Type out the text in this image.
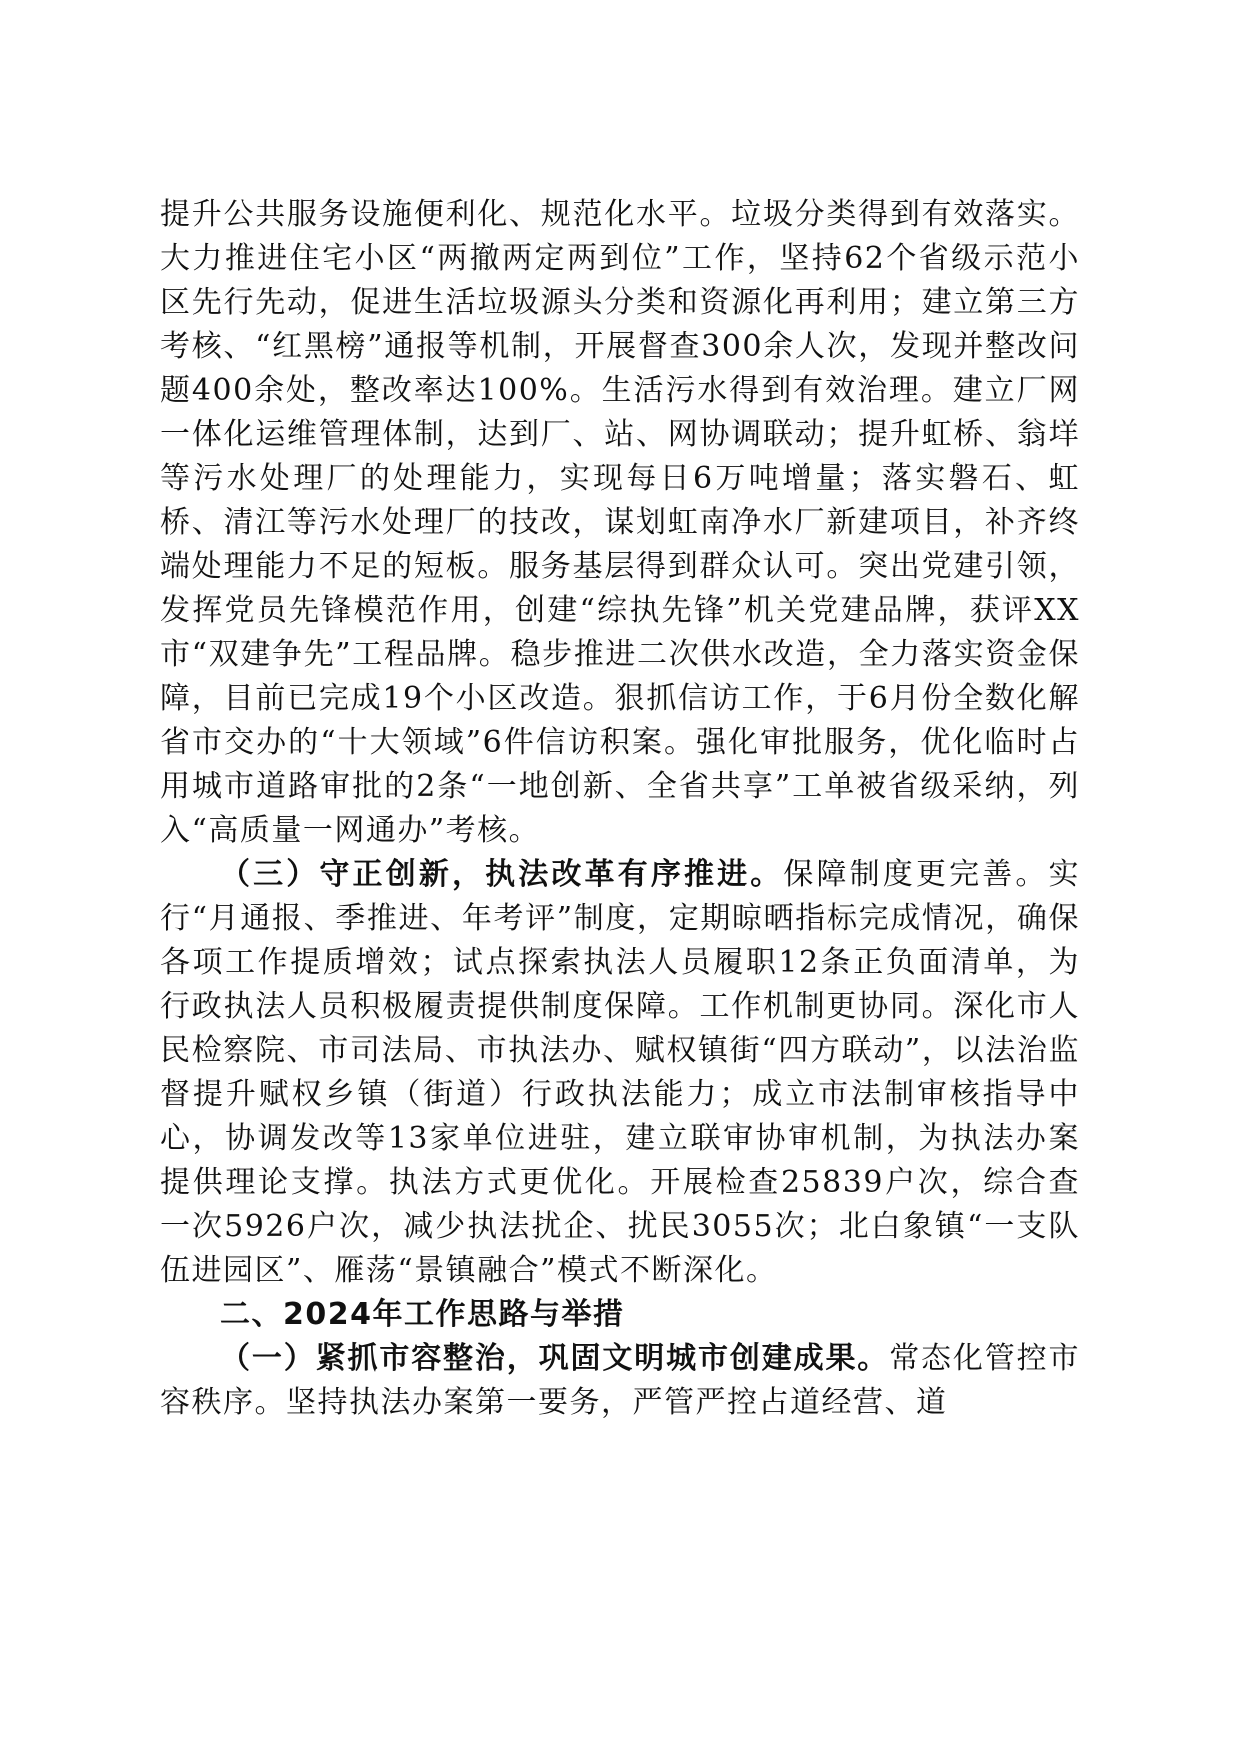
提升公共服务设施便利化、规范化水平。垃圾分类得到有效落实。大力推进住宅小区“两撤两定两到位”工作，坚持62个省级示范小区先行先动，促进生活垃圾源头分类和资源化再利用；建立第三方考核、“红黑榜”通报等机制，开展督查300余人次，发现并整改问题400余处，整改率达100%。生活污水得到有效治理。建立厂网一体化运维管理体制，达到厂、站、网协调联动；提升虹桥、翁垟等污水处理厂的处理能力，实现每日6万吨增量；落实磐石、虹桥、清江等污水处理厂的技改，谋划虹南净水厂新建项目，补齐终端处理能力不足的短板。服务基层得到群众认可。突出党建引领，发挥党员先锋模范作用，创建“综执先锋”机关党建品牌，获评XX市“双建争先”工程品牌。稳步推进二次供水改造，全力落实资金保障，目前已完成19个小区改造。狠抓信访工作，于6月份全数化解省市交办的“十大领域”6件信访积案。强化审批服务，优化临时占用城市道路审批的2条“一地创新、全省共享”工单被省级采纳，列入“高质量一网通办”考核。

（三）守正创新，执法改革有序推进。保障制度更完善。实行“月通报、季推进、年考评”制度，定期晾晒指标完成情况，确保各项工作提质增效；试点探索执法人员履职12条正负面清单，为行政执法人员积极履责提供制度保障。工作机制更协同。深化市人民检察院、市司法局、市执法办、赋权镇街“四方联动”，以法治监督提升赋权乡镇（街道）行政执法能力；成立市法制审核指导中心，协调发改等13家单位进驻，建立联审协审机制，为执法办案提供理论支撑。执法方式更优化。开展检查25839户次，综合查一次5926户次，减少执法扰企、扰民3055次；北白象镇“一支队伍进园区”、雁荡“景镇融合”模式不断深化。

二、2024年工作思路与举措

（一）紧抓市容整治，巩固文明城市创建成果。常态化管控市容秩序。坚持执法办案第一要务，严管严控占道经营、道
